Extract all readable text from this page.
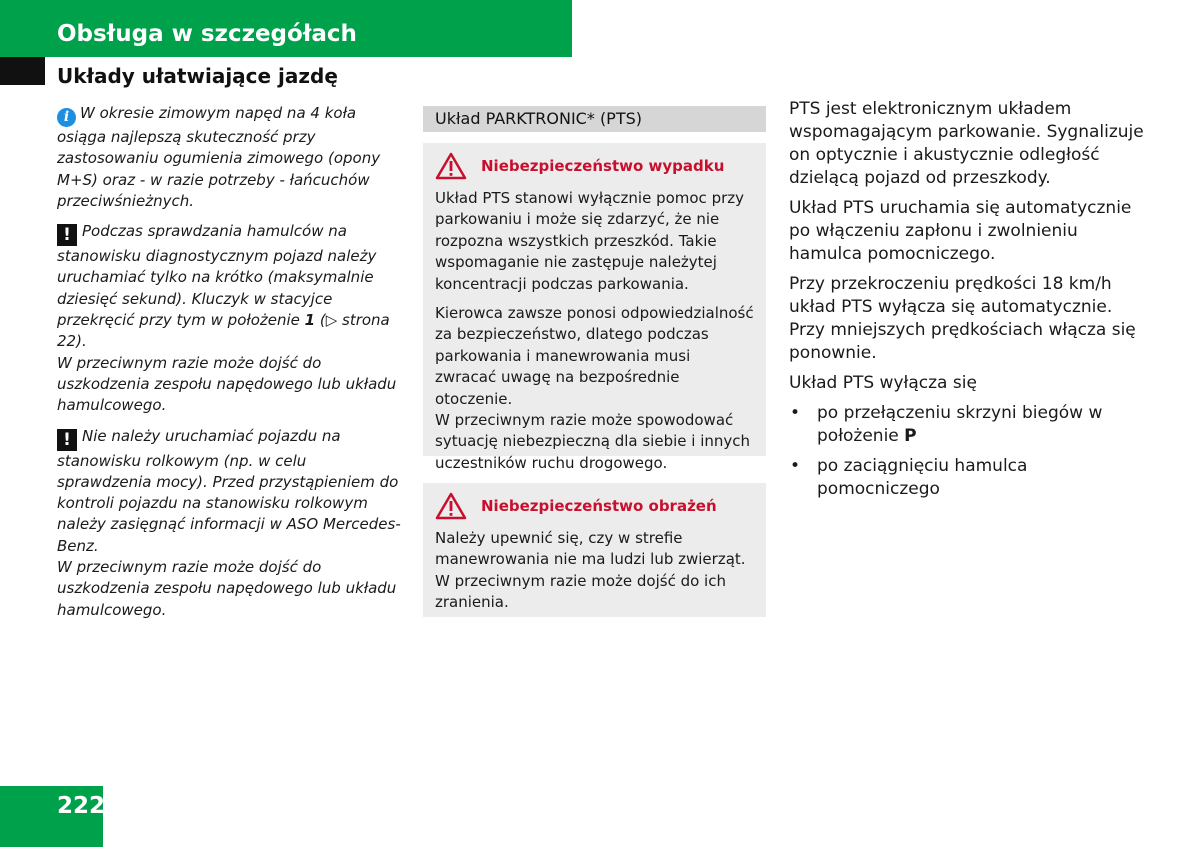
Obsługa w szczegółach
Układy ułatwiające jazdę

i W okresie zimowym napęd na 4 koła osiąga najlepszą skuteczność przy zastosowaniu ogumienia zimowego (opony M+S) oraz - w razie potrzeby - łańcuchów przeciwśnieżnych.

! Podczas sprawdzania hamulców na stanowisku diagnostycznym pojazd należy uruchamiać tylko na krótko (maksymalnie dziesięć sekund). Kluczyk w stacyjce przekręcić przy tym w położenie 1 (▷ strona 22).

W przeciwnym razie może dojść do uszkodzenia zespołu napędowego lub układu hamulcowego.

! Nie należy uruchamiać pojazdu na stanowisku rolkowym (np. w celu sprawdzenia mocy). Przed przystąpieniem do kontroli pojazdu na stanowisku rolkowym należy zasięgnąć informacji w ASO Mercedes-Benz.

W przeciwnym razie może dojść do uszkodzenia zespołu napędowego lub układu hamulcowego.

Układ PARKTRONIC* (PTS)
Niebezpieczeństwo wypadku

Układ PTS stanowi wyłącznie pomoc przy parkowaniu i może się zdarzyć, że nie rozpozna wszystkich przeszkód. Takie wspomaganie nie zastępuje należytej koncentracji podczas parkowania.

Kierowca zawsze ponosi odpowiedzialność za bezpieczeństwo, dlatego podczas parkowania i manewrowania musi zwracać uwagę na bezpośrednie otoczenie.
W przeciwnym razie może spowodować sytuację niebezpieczną dla siebie i innych uczestników ruchu drogowego.

Niebezpieczeństwo obrażeń

Należy upewnić się, czy w strefie manewrowania nie ma ludzi lub zwierząt.
W przeciwnym razie może dojść do ich zranienia.

PTS jest elektronicznym układem wspomagającym parkowanie. Sygnalizuje on optycznie i akustycznie odległość dzielącą pojazd od przeszkody.

Układ PTS uruchamia się automatycznie po włączeniu zapłonu i zwolnieniu hamulca pomocniczego.

Przy przekroczeniu prędkości 18 km/h układ PTS wyłącza się automatycznie. Przy mniejszych prędkościach włącza się ponownie.

Układ PTS wyłącza się

• po przełączeniu skrzyni biegów w położenie P
• po zaciągnięciu hamulca pomocniczego
222
